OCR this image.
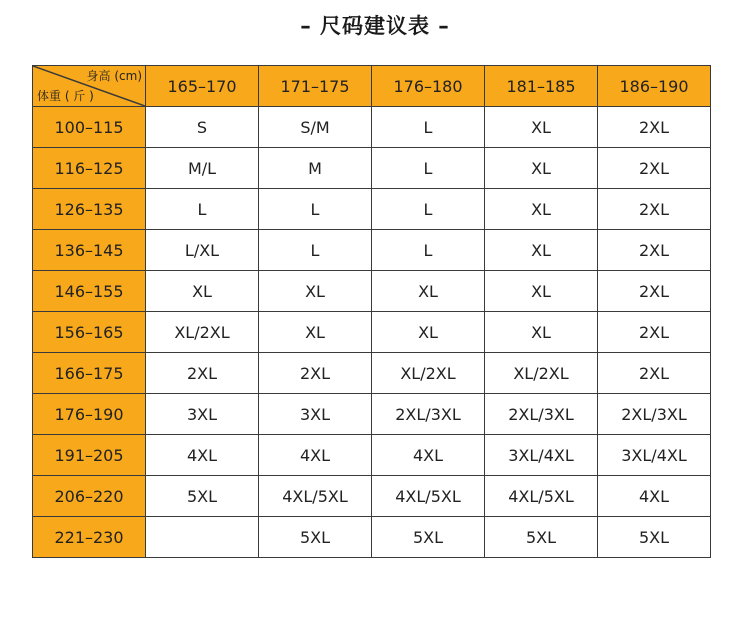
– 尺码建议表 –
身高 (cm)
体重 ( 斤 )	165–170	171–175	176–180	181–185	186–190
100–115	S	S/M	L	XL	2XL
116–125	M/L	M	L	XL	2XL
126–135	L	L	L	XL	2XL
136–145	L/XL	L	L	XL	2XL
146–155	XL	XL	XL	XL	2XL
156–165	XL/2XL	XL	XL	XL	2XL
166–175	2XL	2XL	XL/2XL	XL/2XL	2XL
176–190	3XL	3XL	2XL/3XL	2XL/3XL	2XL/3XL
191–205	4XL	4XL	4XL	3XL/4XL	3XL/4XL
206–220	5XL	4XL/5XL	4XL/5XL	4XL/5XL	4XL
221–230		5XL	5XL	5XL	5XL
